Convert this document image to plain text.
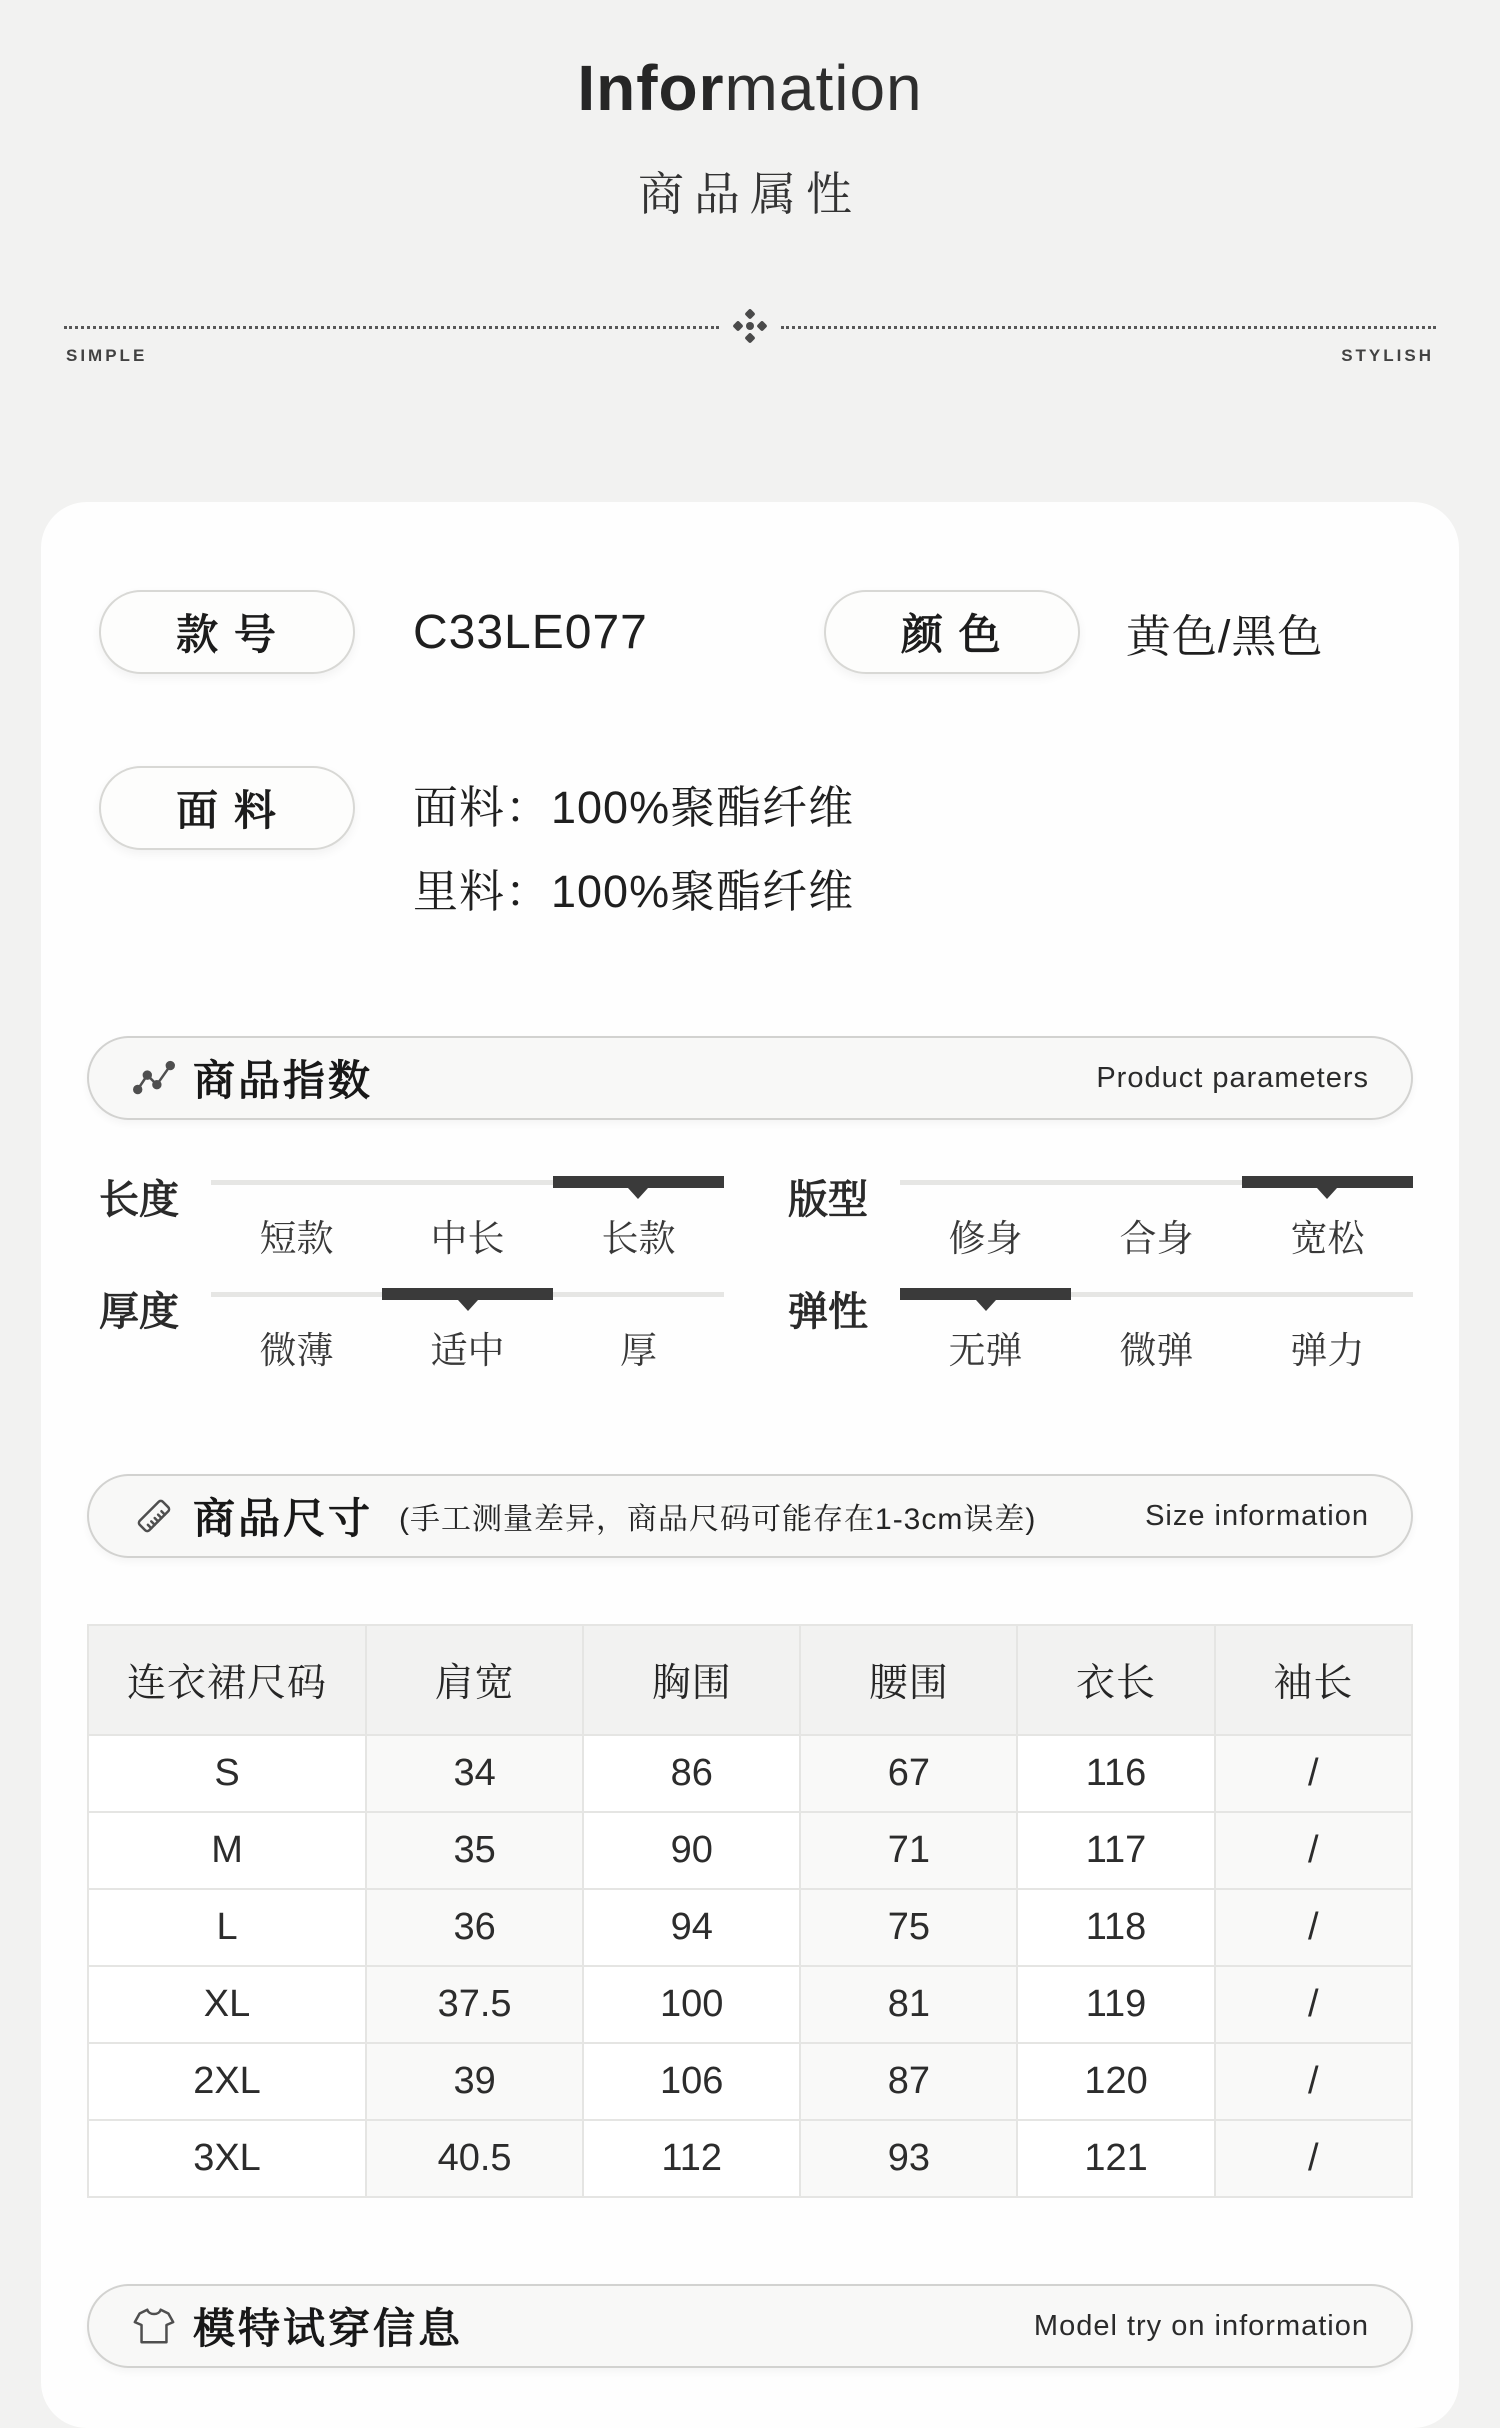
Information
商品属性
SIMPLE	STYLISH
款 号	C33LE077	颜 色	黄色/黑色
面 料	面料：100%聚酯纤维
里料：100%聚酯纤维
商品指数	Product parameters
长度
短款	中长	长款
版型
修身	合身	宽松
厚度
微薄	适中	厚
弹性
无弹	微弹	弹力
商品尺寸 (手工测量差异，商品尺码可能存在1-3cm误差)	Size information
连衣裙尺码	肩宽	胸围	腰围	衣长	袖长
S	34	86	67	116	/
M	35	90	71	117	/
L	36	94	75	118	/
XL	37.5	100	81	119	/
2XL	39	106	87	120	/
3XL	40.5	112	93	121	/
模特试穿信息	Model try on information
